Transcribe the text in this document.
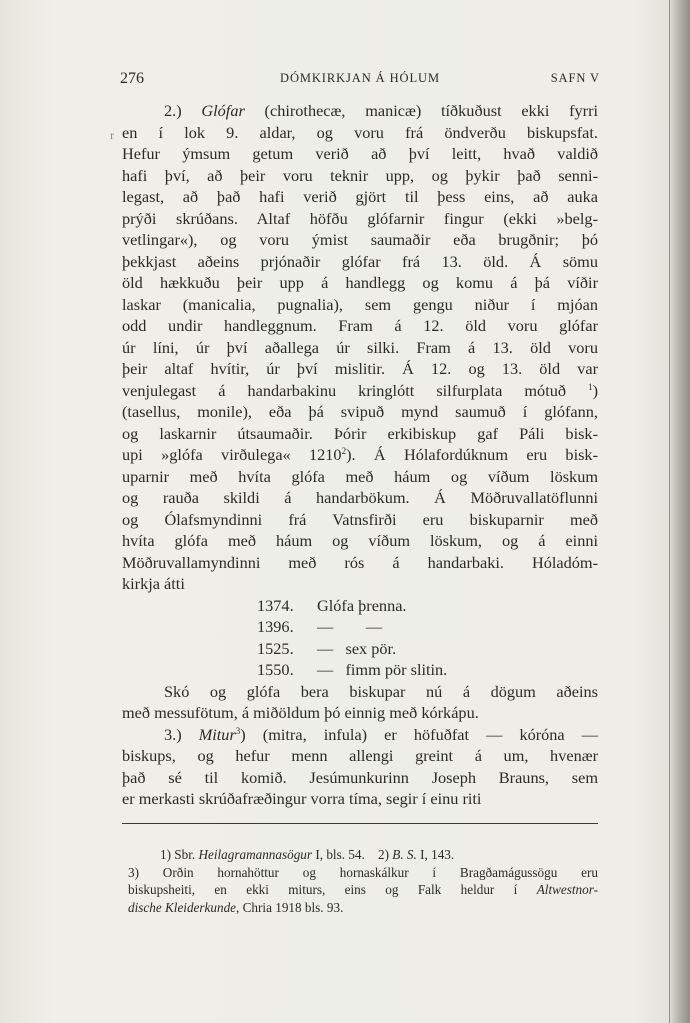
276	DÓMKIRKJAN Á HÓLUM	SAFN V
r
2.) Glófar (chirothecæ, manicæ) tíðkuðust ekki fyrri
en í lok 9. aldar, og voru frá öndverðu biskupsfat.
Hefur ýmsum getum verið að því leitt, hvað valdið
hafi því, að þeir voru teknir upp, og þykir það senni-
legast, að það hafi verið gjört til þess eins, að auka
prýði skrúðans. Altaf höfðu glófarnir fingur (ekki »belg-
vetlingar«), og voru ýmist saumaðir eða brugðnir; þó
þekkjast aðeins prjónaðir glófar frá 13. öld. Á sömu
öld hækkuðu þeir upp á handlegg og komu á þá víðir
laskar (manicalia, pugnalia), sem gengu niður í mjóan
odd undir handleggnum. Fram á 12. öld voru glófar
úr líni, úr því aðallega úr silki. Fram á 13. öld voru
þeir altaf hvítir, úr því mislitir. Á 12. og 13. öld var
venjulegast á handarbakinu kringlótt silfurplata mótuð $^1$)
(tasellus, monile), eða þá svipuð mynd saumuð í glófann,
og laskarnir útsaumaðir. Þórir erkibiskup gaf Páli bisk-
upi »glófa virðulega« 1210$^2$). Á Hólafordúknum eru bisk-
uparnir með hvíta glófa með háum og víðum löskum
og rauða skildi á handarbökum. Á Möðruvallatöflunni
og Ólafsmyndinni frá Vatnsfirði eru biskuparnir með
hvíta glófa með háum og víðum löskum, og á einni
Möðruvallamyndinni með rós á handarbaki. Hóladóm-
kirkja átti
1374. Glófa þrenna.
1396. —        —
1525. —   sex pör.
1550. —   fimm pör slitin.
Skó og glófa bera biskupar nú á dögum aðeins
með messufötum, á miðöldum þó einnig með kórkápu.
3.) Mitur$^3$) (mitra, infula) er höfuðfat — kóróna —
biskups, og hefur menn allengi greint á um, hvenær
það sé til komið. Jesúmunkurinn Joseph Brauns, sem
er merkasti skrúðafræðingur vorra tíma, segir í einu riti
1) Sbr. Heilagramannasögur I, bls. 54. 2) B. S. I, 143.
3) Orðin hornahöttur og hornaskálkur í Bragðamágussögu eru
biskupsheiti, en ekki miturs, eins og Falk heldur í Altwestnor-
dische Kleiderkunde, Chria 1918 bls. 93.
